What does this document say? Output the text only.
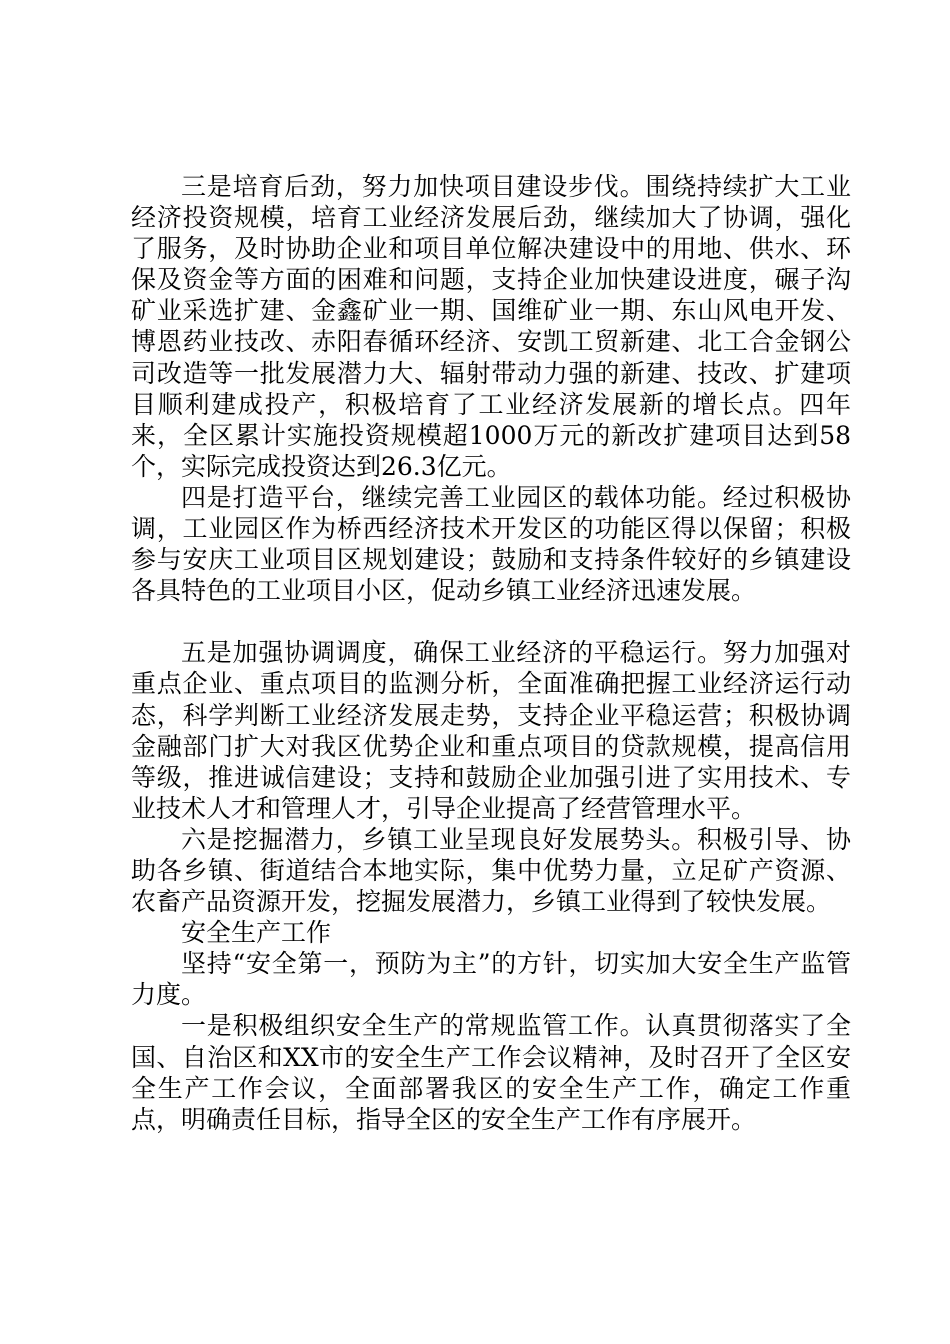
三是培育后劲，努力加快项目建设步伐。围绕持续扩大工业经济投资规模，培育工业经济发展后劲，继续加大了协调，强化了服务，及时协助企业和项目单位解决建设中的用地、供水、环保及资金等方面的困难和问题，支持企业加快建设进度，碾子沟矿业采选扩建、金鑫矿业一期、国维矿业一期、东山风电开发、博恩药业技改、赤阳春循环经济、安凯工贸新建、北工合金钢公司改造等一批发展潜力大、辐射带动力强的新建、技改、扩建项目顺利建成投产，积极培育了工业经济发展新的增长点。四年来，全区累计实施投资规模超1000万元的新改扩建项目达到58个，实际完成投资达到26.3亿元。

四是打造平台，继续完善工业园区的载体功能。经过积极协调，工业园区作为桥西经济技术开发区的功能区得以保留；积极参与安庆工业项目区规划建设；鼓励和支持条件较好的乡镇建设各具特色的工业项目小区，促动乡镇工业经济迅速发展。

五是加强协调调度，确保工业经济的平稳运行。努力加强对重点企业、重点项目的监测分析，全面准确把握工业经济运行动态，科学判断工业经济发展走势，支持企业平稳运营；积极协调金融部门扩大对我区优势企业和重点项目的贷款规模，提高信用等级，推进诚信建设；支持和鼓励企业加强引进了实用技术、专业技术人才和管理人才，引导企业提高了经营管理水平。

六是挖掘潜力，乡镇工业呈现良好发展势头。积极引导、协助各乡镇、街道结合本地实际，集中优势力量，立足矿产资源、农畜产品资源开发，挖掘发展潜力，乡镇工业得到了较快发展。

安全生产工作

坚持“安全第一，预防为主”的方针，切实加大安全生产监管力度。

一是积极组织安全生产的常规监管工作。认真贯彻落实了全国、自治区和XX市的安全生产工作会议精神，及时召开了全区安全生产工作会议，全面部署我区的安全生产工作，确定工作重点，明确责任目标，指导全区的安全生产工作有序展开。
